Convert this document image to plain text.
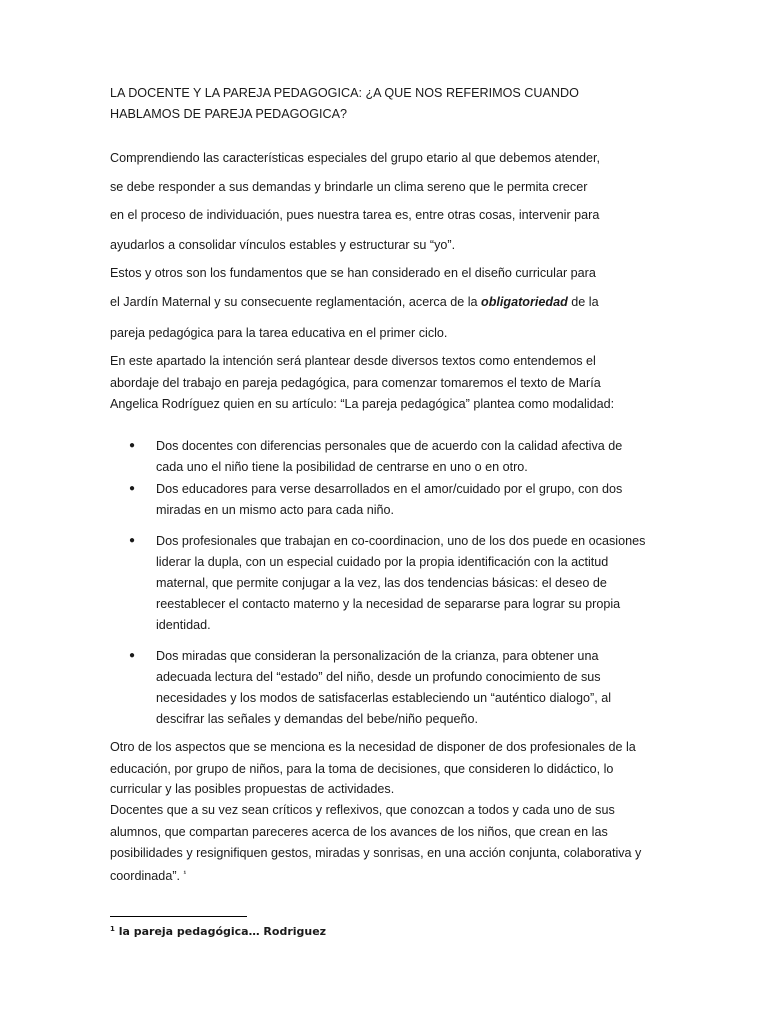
LA DOCENTE Y LA PAREJA PEDAGOGICA: ¿A QUE NOS REFERIMOS CUANDO HABLAMOS DE PAREJA PEDAGOGICA?

Comprendiendo las características especiales del grupo etario al que debemos atender,

se debe responder a sus demandas y brindarle un clima sereno que le permita crecer

en el proceso de individuación, pues nuestra tarea es, entre otras cosas, intervenir para

ayudarlos a consolidar vínculos estables y estructurar su “yo”.

Estos y otros son los fundamentos que se han considerado en el diseño curricular para

el Jardín Maternal y su consecuente reglamentación, acerca de la obligatoriedad de la

pareja pedagógica para la tarea educativa en el primer ciclo.

En este apartado la intención será plantear desde diversos textos como entendemos el

abordaje del trabajo en pareja pedagógica, para comenzar tomaremos el texto de María

Angelica Rodríguez quien en su artículo: “La pareja pedagógica” plantea como modalidad:

● Dos docentes con diferencias personales que de acuerdo con la calidad afectiva de

cada uno el niño tiene la posibilidad de centrarse en uno o en otro.

● Dos educadores para verse desarrollados en el amor/cuidado por el grupo, con dos

miradas en un mismo acto para cada niño.

● Dos profesionales que trabajan en co-coordinacion, uno de los dos puede en ocasiones

liderar la dupla, con un especial cuidado por la propia identificación con la actitud

maternal, que permite conjugar a la vez, las dos tendencias básicas: el deseo de

reestablecer el contacto materno y la necesidad de separarse para lograr su propia

identidad.

● Dos miradas que consideran la personalización de la crianza, para obtener una

adecuada lectura del “estado” del niño, desde un profundo conocimiento de sus

necesidades y los modos de satisfacerlas estableciendo un “auténtico dialogo”, al

descifrar las señales y demandas del bebe/niño pequeño.

Otro de los aspectos que se menciona es la necesidad de disponer de dos profesionales de la

educación, por grupo de niños, para la toma de decisiones, que consideren lo didáctico, lo

curricular y las posibles propuestas de actividades.

Docentes que a su vez sean críticos y reflexivos, que conozcan a todos y cada uno de sus

alumnos, que compartan pareceres acerca de los avances de los niños, que crean en las

posibilidades y resignifiquen gestos, miradas y sonrisas, en una acción conjunta, colaborativa y

coordinada”. $^{^1}$

$^1$ la pareja pedagógica… Rodriguez
